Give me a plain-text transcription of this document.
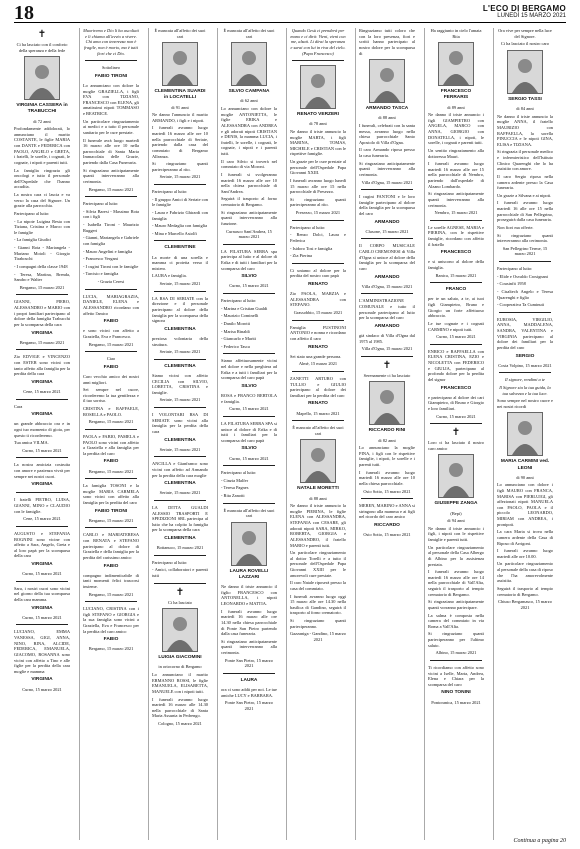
18	L'ECO DI BERGAMO
LUNEDÌ 15 MARZO 2021
✝

Ci ha lasciato con il conforto della speranza e della fede

VIRGINIA CASSERA in TRABUCCHI

di 72 anni

Profondamente addolorati, lo annunciano il marito COSTANTE, le figlie MARIA con DANTE e FEDERICA con PAOLO, ANGELO e GRETA, i fratelli, le sorelle, i cognati, le cognate, i nipoti e parenti tutti.

La famiglia ringrazia gli oncologi e tutto il personale dell'Ospedale che l'hanno accudita.

La nostra cara ci lascia e va verso la casa del Signore. Un grazie alla parrocchia.

Partecipano al lutto:

- La nipote Luigina Resta con Tiziana, Cristina e Marco con le famiglie

- La famiglia Giudici

- Gianni Rota - Mariangela - Mariano Moioli - Giorgio Tiraboschi

- I compagni della classe 1948

- Teresa, Martina, Brenda, Sandro e Walter

Bergamo, 15 marzo 2021

GIANNI, PIERO, ALESSANDRO e MARIO con i propri familiari partecipano al dolore della famiglia Trabucchi per la scomparsa della cara

VIRGINIA

Bergamo, 15 marzo 2021

Zio EDVIGE e VINCENZO con ESTER sono vicini con tanto affetto alla famiglia per la perdita della cara

VIRGINIA

Cene, 15 marzo 2021

Cara

VIRGINIA

un grande abbraccio ora e in ogni tuo momento di gioia, per questo ti ricorderemo.

Tua amica VILMA.

Curno, 15 marzo 2021

La nostra amicizia costruita con amore e pazienza vivrà per sempre nei nostri cuori.

VIRGINIA

I fratelli PIETRO, LUISA, GIANNI, MINO e CLAUDIO con le famiglie.

Cene, 15 marzo 2021

AUGUSTO e STEFANIA BOGNINI sono vicine con affetto a Sara, Angelo, Greta e al loro papà per la scomparsa della cara

VIRGINIA

Curno, 15 marzo 2021

Sara, i nostri cuori sono vicini nel giorno della tua scomparsa della cara mamma.

VIRGINIA

Curno, 15 marzo 2021

LUCIANO, EMMA VANESSA, GIGI, ANNA, NINO, RINA, ALCIDE, FEDERICA, EMANUELA, GIACOMO, ROSANNA sono vicini con affetto a Tino e alle figlie per la perdita della cara moglie e mamma

VIRGINIA

Curno, 15 marzo 2021

Muoriremo e Dio li ha ascoltati e li chiama all'avvio a vivere. Chi ama con tenerezza non è fragile, non è morto, ma è tutti fiori che ci Dio.

Sottolineo

FABIO TIRONI

Lo annunciano con dolore la moglie GRAZIELLA, i figli EVA con TIZIANO, FRANCESCO con ELENA, gli amatissimi nipoti TOMMASO e BEATRICE.

Un particolare ringraziamento ai medici e a tutto il personale sanitario per le cure prestate.

Il funerale avrà luogo martedì 16 marzo alle ore 10 nella parrocchiale di Santa Maria Immacolata delle Grazie, partendo dalla Casa Funeraria.

Si ringraziano anticipatamente quanti interverranno alla cerimonia.

Bergamo, 15 marzo 2021

Partecipano al lutto:

- Silvia Baresi - Massimo Rota con i figli

- Isabella Tironi - Maurizio Ruggeri

- Gianni, Mariangela e Gabriele con famiglia

- Mauro Angelini e famiglia

- Francesco Vergani

- I cugini Tironi con le famiglie

- Tarcisio e famiglia

- Grazia Ceresi

LUCIA, MARIAGRAZIA, DANIELE, ELENA e ALESSANDRO ricordano con affetto l'amico

FABIO

e sono vicini con affetto a Graziella, Eva e Francesco.

Bergamo, 15 marzo 2021

Ciao

FABIO

Caro vecchio amico dei nostri anni migliori.

Sei sempre nel cuore, ricorderemo la tua gentilezza e il tuo sorriso.

CRISTINA e RAFFAELE, ROSELLA e PAOLO.

Bergamo, 15 marzo 2021

PAOLA e FABIO, PAMELA e PAOLO sono vicini con affetto a Graziella e alla famiglia per la perdita del caro

FABIO

Bergamo, 15 marzo 2021

La famiglia TOSONI e la moglie MARIA CARMELA sono vicini con affetto alla famiglia per la perdita del caro

FABIO TIRONI

Bergamo, 15 marzo 2021

CARLO e MARIATERESA con RENATA e STEFANO partecipano al dolore di Graziella e della famiglia per la perdita del carissimo amico

FABIO

compagno indimenticabile di tanti momenti felici trascorsi insieme.

Bergamo, 15 marzo 2021

LUCIANO, CRISTINA con i figli STEFANO e GIORGIA e la sua famiglia sono vicini a Graziella, Eva e Francesco per la perdita del caro amico

FABIO

Bergamo, 15 marzo 2021

È mancata all'affetto dei suoi cari

CLEMENTINA SUARDI in LOCATELLI

di 91 anni

Ne danno l'annuncio il marito ARMANDO, i figli e i nipoti.

I funerali avranno luogo martedì 16 marzo alle ore 10 nella parrocchiale di Seriate, partendo dalla casa del commiato di Bergamo Alleanza.

Si ringraziano quanti parteciperanno al rito.

Seriate, 15 marzo 2021

Partecipano al lutto:

- Il gruppo Amici di Seriate con le famiglie

- Laura e Fabrizio Ghirardi con famiglia

- Mauro Medaglia con famiglia

- Mina e Marcello Astolfi

CLEMENTINE

La morte di una sorella e mamma ci proietta verso il mistero.

LAURA e famiglia.

Seriate, 15 marzo 2021

LA RSA DI SERIATE con la direzione e il personale partecipano al dolore della famiglia per la scomparsa della signora

CLEMENTINA

preziosa volontaria della struttura.

Seriate, 15 marzo 2021

CLEMENTINA

Siamo vicini con affetto CECILIA con SILVIO, LORETTA, CRISTINA e famiglie.

Seriate, 15 marzo 2021

I VOLONTARI RSA DI SERIATE sono vicini alla famiglia per la perdita della cara

CLEMENTINA

Seriate, 15 marzo 2021

ANCILLA e Gianfranco sono vicini con affetto ad Armando per la perdita della cara moglie

CLEMENTINA

Seriate, 15 marzo 2021

LA DITTA GUALDI ALESSIO TRASPORTI E SPEDIZIONI SRL partecipa al lutto che ha colpito la famiglia per la scomparsa della cara

CLEMENTINA

Bottanuco, 15 marzo 2021

Partecipano al lutto:

- Amici, collaboratori e parenti tutti

✝

Ci ha lasciato

LUIGIA GIACOMINI

in ortocorno di Bergamo

Lo annunciano il marito ERMANNO ROSSI, le figlie EMANUELA, ELISABETTA, MANUELE con i nipoti tutti.

I funerali avranno luogo martedì 16 marzo alle 14.30 nella parrocchiale di Santa Maria Assunta in Pedrengo.

Cologno, 15 marzo 2021

È mancata all'affetto dei suoi cari

SILVIO CAMPANA

di 62 anni

Lo annunciano con dolore la moglie ANTONIETTA, le figlie ERIKA e ALESSANDRA con ANDREA e gli adorati nipoti CRISTIAN e DENIS, la mamma LUCIA, i fratelli, le sorelle, i cognati, le cognate, i nipoti e i parenti tutti.

Il caro Silvio si troverà nel commiato di via Moroni.

I funerali si svolgeranno martedì 16 marzo alle ore 10 nella chiesa parrocchiale di Sant'Andrea.

Seguirà il trasporto al forno crematorio di Bergamo.

Si ringraziano anticipatamente quanti interverranno alla funzione.

Curnasco Sant'Andrea, 15 marzo 2021

LA FILATURA SERRA spa partecipa al lutto e al dolore di Erika e di tutti i familiari per la scomparsa del caro

SILVIO

Curno, 15 marzo 2021

Partecipano al lutto:

- Marina e Cristian Gualdi

- Maurizio Cominelli

- Danilo Morotti

- Marisa Rinaldi

- Giancarlo e Mariti

- Federico Tasca

Siamo affettuosamente vicini nel dolore e nella preghiera ad Erika e a tutti i familiari per la scomparsa del caro papà

SILVIO

ROSA e FRANCO BERTOLA e famiglia.

Curno, 15 marzo 2021

LA FILATURA SERRA SPA si unisce al dolore di Erika e di tutti i familiari per la scomparsa del caro papà

SILVIO

Curno, 15 marzo 2021

Partecipano al lutto:

- Cinzia Malfer

- Teresa Pagnes

- Rita Zanotti

È mancata all'affetto dei suoi cari

LAURA ROVELLI LAZZARI

Ne danno il triste annuncio il figlio FRANCESCO con ANTONELLA, i nipoti LEONARDO e MATTIA.

I funerali avranno luogo martedì 16 marzo alle ore 14.30 nella chiesa parrocchiale di Ponte San Pietro partendo dalla casa funeraria.

Si ringraziano anticipatamente quanti interverranno alla cerimonia.

Ponte San Pietro, 15 marzo 2021

LAURA

ora ci sono addii per noi. Le tue amiche LUCY e BARBARA.

Ponte San Pietro, 15 marzo 2021

Quando Gesù ci prenderà per mano e ci dirà: Vieni, vieni con me, alzati. Li dirai la speranza e sarai con lui in riva del cielo. (Papa Francesco)

RENATO VERZERI

di 78 anni

Ne danno il triste annuncio la moglie MARTA, i figli MARINA, TOMAS, MICHELE e CRISTIAN con le rispettive famiglie.

Un grazie per le cure prestate al personale dell'Ospedale Papa Giovanni XXIII.

I funerali avranno luogo lunedì 15 marzo alle ore 15 nella parrocchiale di Presezzo.

Si ringraziano quanti parteciperanno al rito.

Presezzo, 15 marzo 2021

Partecipano al lutto:

- Renzo Dolci, Laura e Federica

- Isidoro Tosi e famiglia

- Zia Pierina

Ci uniamo al dolore per la perdita del nostro caro papà

RENATO

Zio PAOLA, MARZIA e ALESSANDRA con STEFANO.

Grassobbio, 15 marzo 2021

Famiglia FUSTINONI ANTONIO e nonna e ricordano con affetto il caro

RENATO

Sei stato una grande persona.

Almè, 15 marzo 2021

ZANETTI ARTURO con TULLIO e GIULIO partecipano al dolore dei familiari per la perdita del caro

RENATO

Mapello, 15 marzo 2021

È mancato all'affetto dei suoi cari

NATALE MORETTI

di 88 anni

Ne danno il triste annuncio la moglie PIERINA, le figlie ELENA con ALESSANDRA, STEFANIA con CESARE, gli adorati nipoti SARA, MIRKO, ROBERTA, GIORGIA e ALESSANDRO, il fratello MARIO e parenti tutti.

Un particolare ringraziamento al dottor Torelli e a tutto il personale dell'Ospedale Papa Giovanni XXIII per le amorevoli cure prestate.

Il caro Natale riposerà presso la casa del commiato.

I funerali avranno luogo oggi 15 marzo alle ore 14.30 nella basilica di Gandino, seguirà il trasporto al forno crematorio.

Si ringraziano quanti parteciperanno.

Gazzaniga - Gandino, 15 marzo 2021

Ringraziamo tutti coloro che con la loro presenza, fiori e scritti hanno partecipato al nostro dolore per la scomparsa di

ARMANDO TASCA

di 88 anni

I funerali, celebrati con la santa messa, avranno luogo nella chiesa parrocchiale Santo Apostolo di Villa d'Ogna.

Il caro Armando riposa presso la casa funeraria.

Si ringraziano anticipatamente quanti interverranno alla cerimonia.

Villa d'Ogna, 15 marzo 2021

I cugini FANTONI e le loro famiglie partecipano al dolore della famiglia per la scomparsa del caro

ARMANDO

Clusone, 15 marzo 2021

Il CORPO MUSICALE CARLO CREMONESI di Villa d'Ogna si unisce al dolore della famiglia per la scomparsa del caro

ARMANDO

Villa d'Ogna, 15 marzo 2021

L'AMMINISTRAZIONE COMUNALE e tutto il personale partecipano al lutto per la scomparsa del caro

ARMANDO

già sindaco di Villa d'Ogna dal 1975 al 1985.

Villa d'Ogna, 15 marzo 2021

✝

Serenamente ci ha lasciato

RICCARDO RINI

di 82 anni

Lo annunciano la moglie PINA, i figli con le rispettive famiglie, i nipoti, le sorelle e i parenti tutti.

I funerali avranno luogo martedì 16 marzo alle ore 10 nella chiesa parrocchiale.

Osio Sotto, 15 marzo 2021

MEREN, MARINO e ANNA si stringono alla mamma e ai figli nel ricordo del caro amico

RICCARDO

Osio Sotto, 15 marzo 2021

Ha raggiunto in cielo l'amata Rita

FRANCESCO FERRARIS

di 89 anni

Ne danno il triste annuncio i figli GIAMPIETRO con ANGELA, MARCO con ANNA, GIORGIO con DONATELLA, i nipoti, le sorelle, i cognati e parenti tutti.

Un sentito ringraziamento alla dottoressa Mauri.

I funerali avranno luogo martedì 16 marzo alle ore 15 nella parrocchiale di Nembro, partendo dall'ospedale di Alzano Lombardo.

Si ringraziano anticipatamente quanti interverranno alla cerimonia.

Nembro, 15 marzo 2021

Le sorelle AGNESE, MARIA e PIERINA, con le rispettive famiglie, ricordano con affetto il fratello

FRANCESCO

e si uniscono al dolore della famiglia.

Ranica, 15 marzo 2021

FRANCO

per te un saluto, a te, ai tuoi figli Giampietro, Bruno e Giorgio un forte affettuoso abbraccio.

Le tue cognate e i cognati CARMINO e nipoti tutti.

Curno, 15 marzo 2021

ENRICO e RAFFAELLA con ELENA CRISTINA, EZIO e NICOLETTA con FEDERICO e GIULIA, partecipano al profondo dolore per la perdita del signor

FRANCESCO

e partecipano al dolore dei cari Giampietro, di Bruno e Giorgio e loro familiari.

Curno, 15 marzo 2021

✝

Loro ci ha lasciato il nostro caro amico

GIUSEPPE ZANGA

(Bepi)

di 94 anni

Ne danno il triste annuncio i figli, i nipoti con le rispettive famiglie e parenti tutti.

Un particolare ringraziamento al personale della Casa Albergo di Albino per la assistenza prestata.

I funerali avranno luogo martedì 16 marzo alle ore 14 nella parrocchiale di Vall'Alta, seguirà il trasporto al tempio crematorio di Bergamo.

Si ringraziano anticipatamente quanti vorranno partecipare.

La salma è composta nella camera del commiato in via Roma a Vall'Alta.

Si ringraziano quanti parteciperanno per l'ultimo saluto.

Albino, 15 marzo 2021

Ti ricordiamo con affetto sono vicini a Iselle, Marta, Andrea, Elena e Chiara per la scomparsa del caro

NINO TONINI

Pontoranica, 15 marzo 2021

Ora vive per sempre nella luce del Signore.

Ci ha lasciato il nostro caro

SERGIO TASSI

di 84 anni

Ne danno il triste annuncio la moglie ANNA, il fratello MAURIZIO con RAFFAELLA, la sorella PINUCCIA e le nipoti GINA, ELISA e TIZIANA.

Si ringrazia il personale medico e infermieristico dell'Istituto Clinico Quarenghi che lo ha assistito con amore.

Il caro Sergio riposa nella camera ardente presso la Casa funeraria.

Un grazie a Silvana e ai nipoti.

I funerali avranno luogo martedì 16 alle ore 15 nella parrocchiale di San Pellegrino, proseguirà dalla casa funeraria.

Non fiori ma offerte.

Si ringraziano quanti interverranno alla cerimonia.

San Pellegrino Terme, 15 marzo 2021

Partecipano al lutto:

- Elide e Osvaldo Crosignani

- Cousinfit 1958

- Cisaltech Angelo e Teresa Quarenghi e figlio

- Cooperativa Ta Cuminuti

EUROSIA, VIRGILIO, ANNA, MADDALENA, SANDRA, VALENTINA e VIRGINIA partecipano al dolore dei familiari per la perdita del caro

SERGIO

Costa Volpino, 15 marzo 2021

Il signore, rendimi a te

Il Signore sia la tua guida, la tua salvezza e la tua luce.

Sono sempre nel nostro cuore e nei nostri ricordi

MARIA CARMINI ved. LEONI

di 90 anni

Lo annunciano con dolore i figli MAURO con FRANCA, MARISA con PIERLUIGI, gli affezionati nipoti MANUELA con PAOLO, PAOLA e il piccolo LEONARDO, MIRIAM con ANDREA, i pronipoti.

La cara Maria si trova nella camera ardente della Casa di Riposo di Arrigoni.

I funerali avranno luogo martedì alle ore 10.00.

Un particolare ringraziamento al personale della casa di riposo che l'ha amorevolmente assistita.

Seguirà il trasporto al tempio crematorio di Bergamo.

Chiuso Bergamasco, 15 marzo 2021

Continua a pagina 20
